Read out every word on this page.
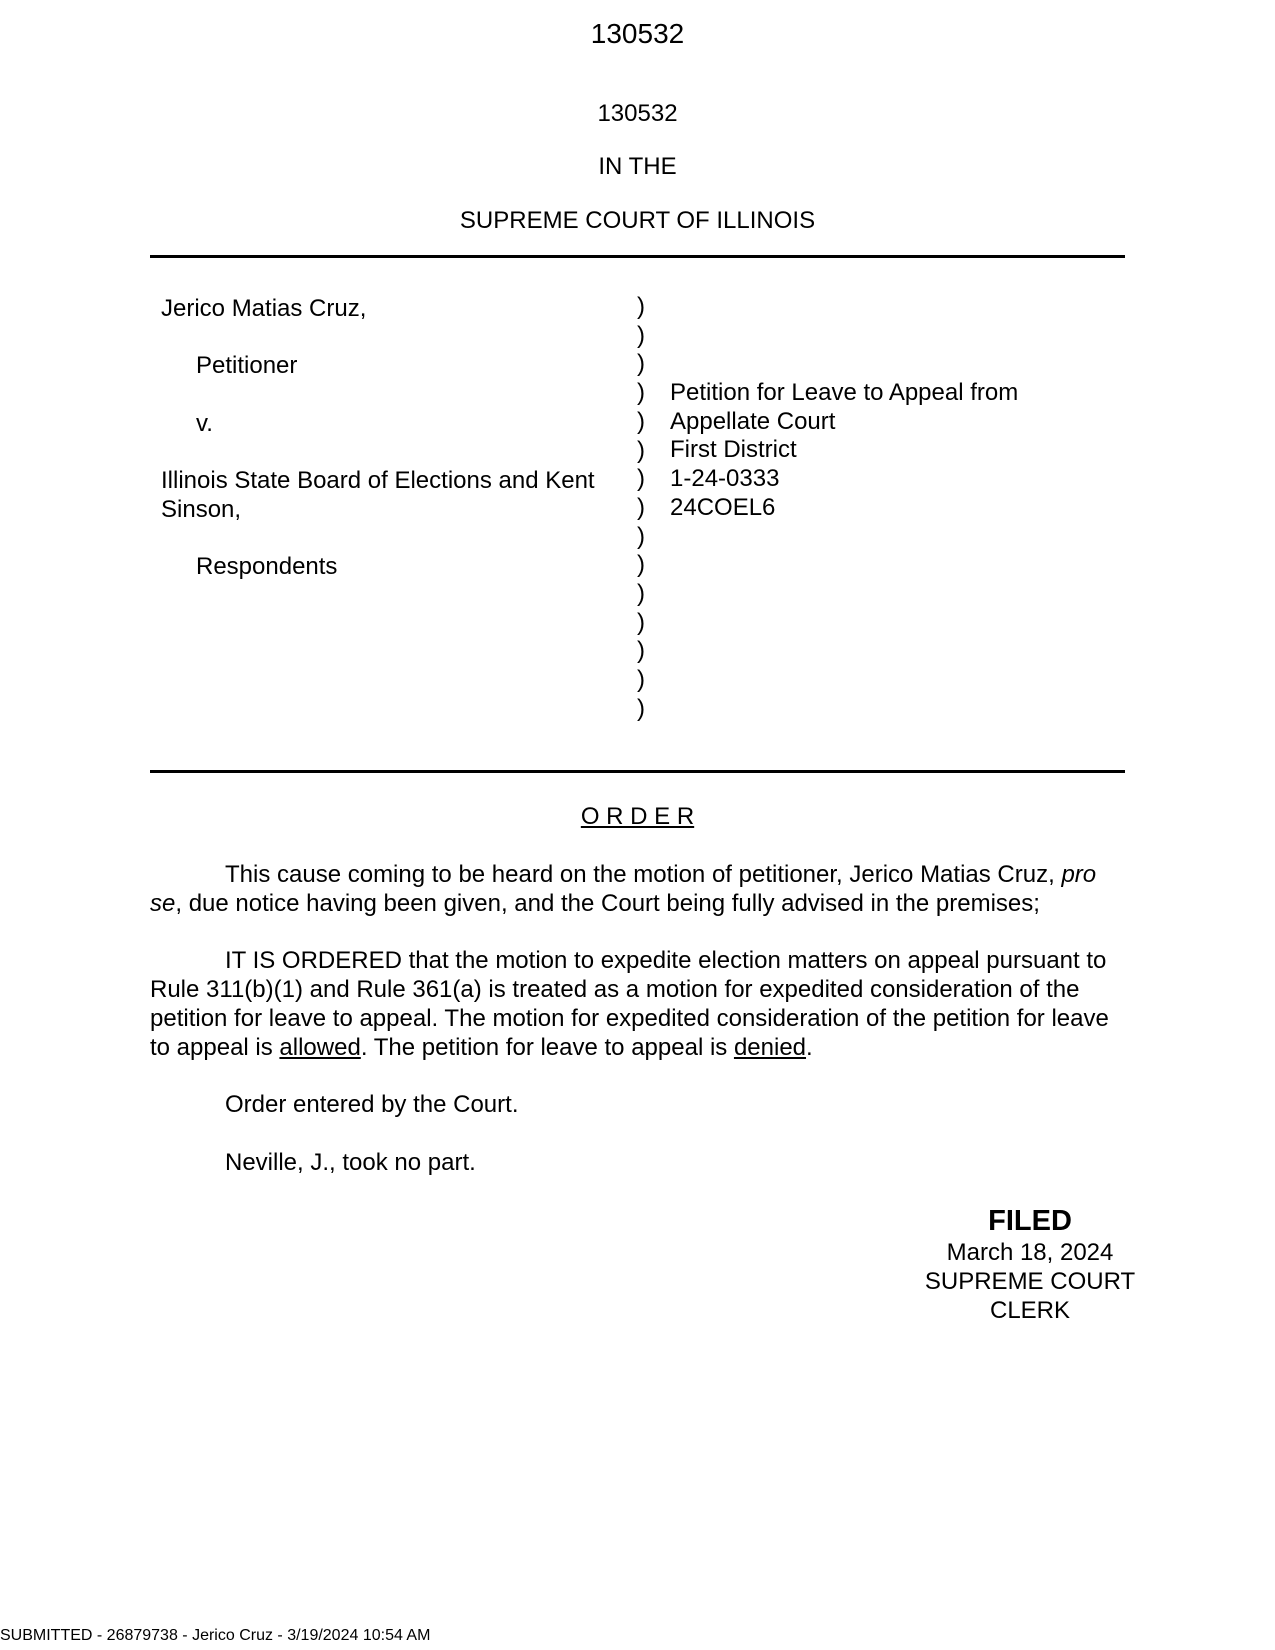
130532
130532
IN THE
SUPREME COURT OF ILLINOIS
Jerico Matias Cruz,
Petitioner
v.
Illinois State Board of Elections and Kent
Sinson,
Respondents
)
)
)
)
)
)
)
)
)
)
)
)
)
)
)
Petition for Leave to Appeal from
Appellate Court
First District
1-24-0333
24COEL6
O R D E R
This cause coming to be heard on the motion of petitioner, Jerico Matias Cruz, pro se, due notice having been given, and the Court being fully advised in the premises;
IT IS ORDERED that the motion to expedite election matters on appeal pursuant to Rule 311(b)(1) and Rule 361(a) is treated as a motion for expedited consideration of the petition for leave to appeal. The motion for expedited consideration of the petition for leave to appeal is allowed. The petition for leave to appeal is denied.
Order entered by the Court.
Neville, J., took no part.
FILED
March 18, 2024
SUPREME COURT
CLERK
SUBMITTED - 26879738 - Jerico Cruz - 3/19/2024 10:54 AM
